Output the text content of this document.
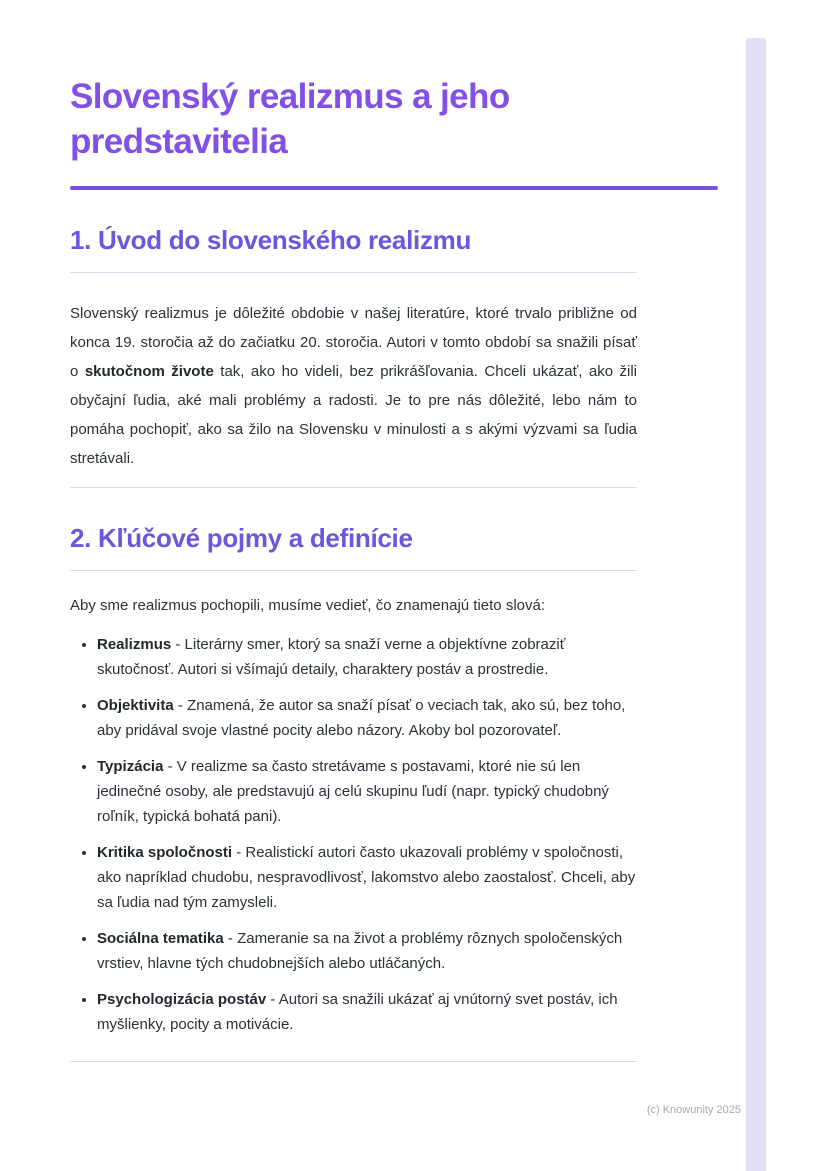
Slovenský realizmus a jeho predstavitelia
1. Úvod do slovenského realizmu

Slovenský realizmus je dôležité obdobie v našej literatúre, ktoré trvalo približne od konca 19. storočia až do začiatku 20. storočia. Autori v tomto období sa snažili písať o skutočnom živote tak, ako ho videli, bez prikrášľovania. Chceli ukázať, ako žili obyčajní ľudia, aké mali problémy a radosti. Je to pre nás dôležité, lebo nám to pomáha pochopiť, ako sa žilo na Slovensku v minulosti a s akými výzvami sa ľudia stretávali.

2. Kľúčové pojmy a definície

Aby sme realizmus pochopili, musíme vedieť, čo znamenajú tieto slová:

• Realizmus - Literárny smer, ktorý sa snaží verne a objektívne zobraziť skutočnosť. Autori si všímajú detaily, charaktery postáv a prostredie.
• Objektivita - Znamená, že autor sa snaží písať o veciach tak, ako sú, bez toho, aby pridával svoje vlastné pocity alebo názory. Akoby bol pozorovateľ.
• Typizácia - V realizme sa často stretávame s postavami, ktoré nie sú len jedinečné osoby, ale predstavujú aj celú skupinu ľudí (napr. typický chudobný roľník, typická bohatá pani).
• Kritika spoločnosti - Realistickí autori často ukazovali problémy v spoločnosti, ako napríklad chudobu, nespravodlivosť, lakomstvo alebo zaostalosť. Chceli, aby sa ľudia nad tým zamysleli.
• Sociálna tematika - Zameranie sa na život a problémy rôznych spoločenských vrstiev, hlavne tých chudobnejších alebo utláčaných.
• Psychologizácia postáv - Autori sa snažili ukázať aj vnútorný svet postáv, ich myšlienky, pocity a motivácie.
(c) Knowunity 2025
